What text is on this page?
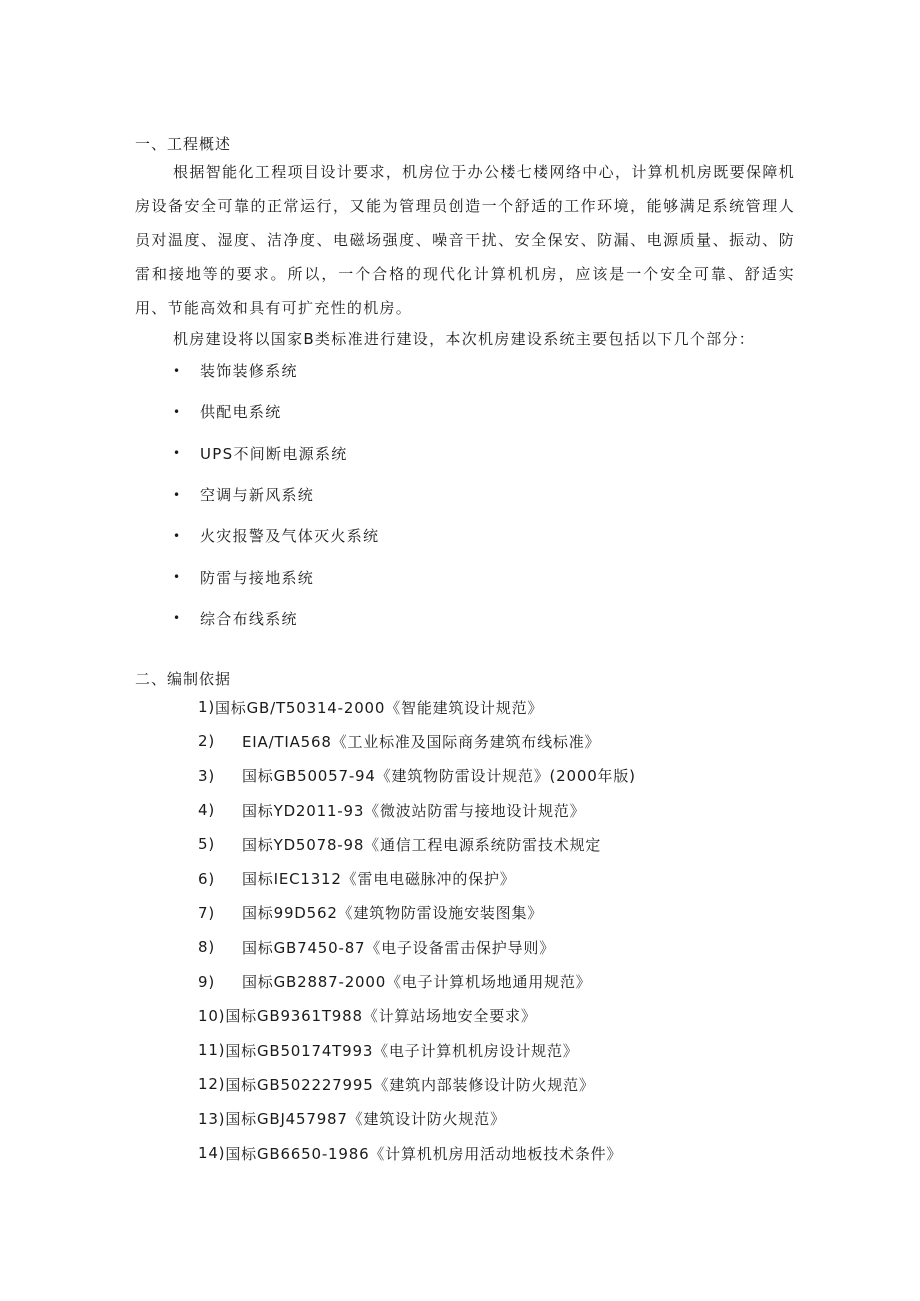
一、工程概述

根据智能化工程项目设计要求，机房位于办公楼七楼网络中心，计算机机房既要保障机房设备安全可靠的正常运行，又能为管理员创造一个舒适的工作环境，能够满足系统管理人员对温度、湿度、洁净度、电磁场强度、噪音干扰、安全保安、防漏、电源质量、振动、防雷和接地等的要求。所以，一个合格的现代化计算机机房，应该是一个安全可靠、舒适实用、节能高效和具有可扩充性的机房。

机房建设将以国家B类标准进行建设，本次机房建设系统主要包括以下几个部分：

•	装饰装修系统
•	供配电系统
•	UPS不间断电源系统
•	空调与新风系统
•	火灾报警及气体灭火系统
•	防雷与接地系统
•	综合布线系统
二、编制依据
1) 国标GB/T50314-2000《智能建筑设计规范》
2)	EIA/TIA568《工业标准及国际商务建筑布线标准》
3)	国标GB50057-94《建筑物防雷设计规范》(2000年版)
4)	国标YD2011-93《微波站防雷与接地设计规范》
5)	国标YD5078-98《通信工程电源系统防雷技术规定
6)	国标IEC1312《雷电电磁脉冲的保护》
7)	国标99D562《建筑物防雷设施安装图集》
8)	国标GB7450-87《电子设备雷击保护导则》
9)	国标GB2887-2000《电子计算机场地通用规范》
10) 国标GB9361T988《计算站场地安全要求》
11) 国标GB50174T993《电子计算机机房设计规范》
12) 国标GB502227995《建筑内部装修设计防火规范》
13) 国标GBJ457987《建筑设计防火规范》
14) 国标GB6650-1986《计算机机房用活动地板技术条件》
